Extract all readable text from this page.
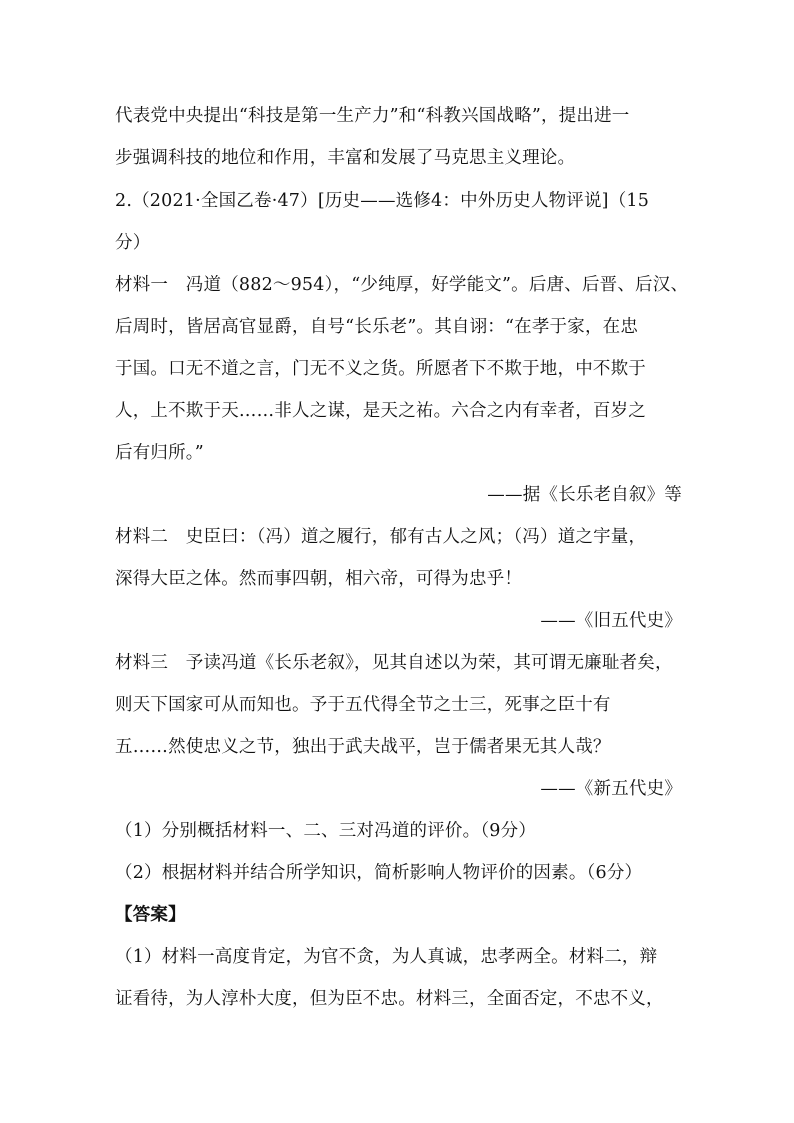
代表党中央提出“科技是第一生产力”和“科教兴国战略”，提出进一
步强调科技的地位和作用，丰富和发展了马克思主义理论。
2.（2021·全国乙卷·47）[历史——选修4：中外历史人物评说]（15
分）
材料一　冯道（882～954），“少纯厚，好学能文”。后唐、后晋、后汉、
后周时，皆居高官显爵，自号“长乐老”。其自诩：“在孝于家，在忠
于国。口无不道之言，门无不义之货。所愿者下不欺于地，中不欺于
人，上不欺于天……非人之谋，是天之祐。六合之内有幸者，百岁之
后有归所。”
——据《长乐老自叙》等
材料二　史臣曰：（冯）道之履行，郁有古人之风；（冯）道之宇量，
深得大臣之体。然而事四朝，相六帝，可得为忠乎！
——《旧五代史》
材料三　予读冯道《长乐老叙》，见其自述以为荣，其可谓无廉耻者矣，
则天下国家可从而知也。予于五代得全节之士三，死事之臣十有
五……然使忠义之节，独出于武夫战平，岂于儒者果无其人哉？
——《新五代史》
（1）分别概括材料一、二、三对冯道的评价。（9分）
（2）根据材料并结合所学知识，简析影响人物评价的因素。（6分）
【答案】
（1）材料一高度肯定，为官不贪，为人真诚，忠孝两全。材料二，辩
证看待，为人淳朴大度，但为臣不忠。材料三，全面否定，不忠不义，
